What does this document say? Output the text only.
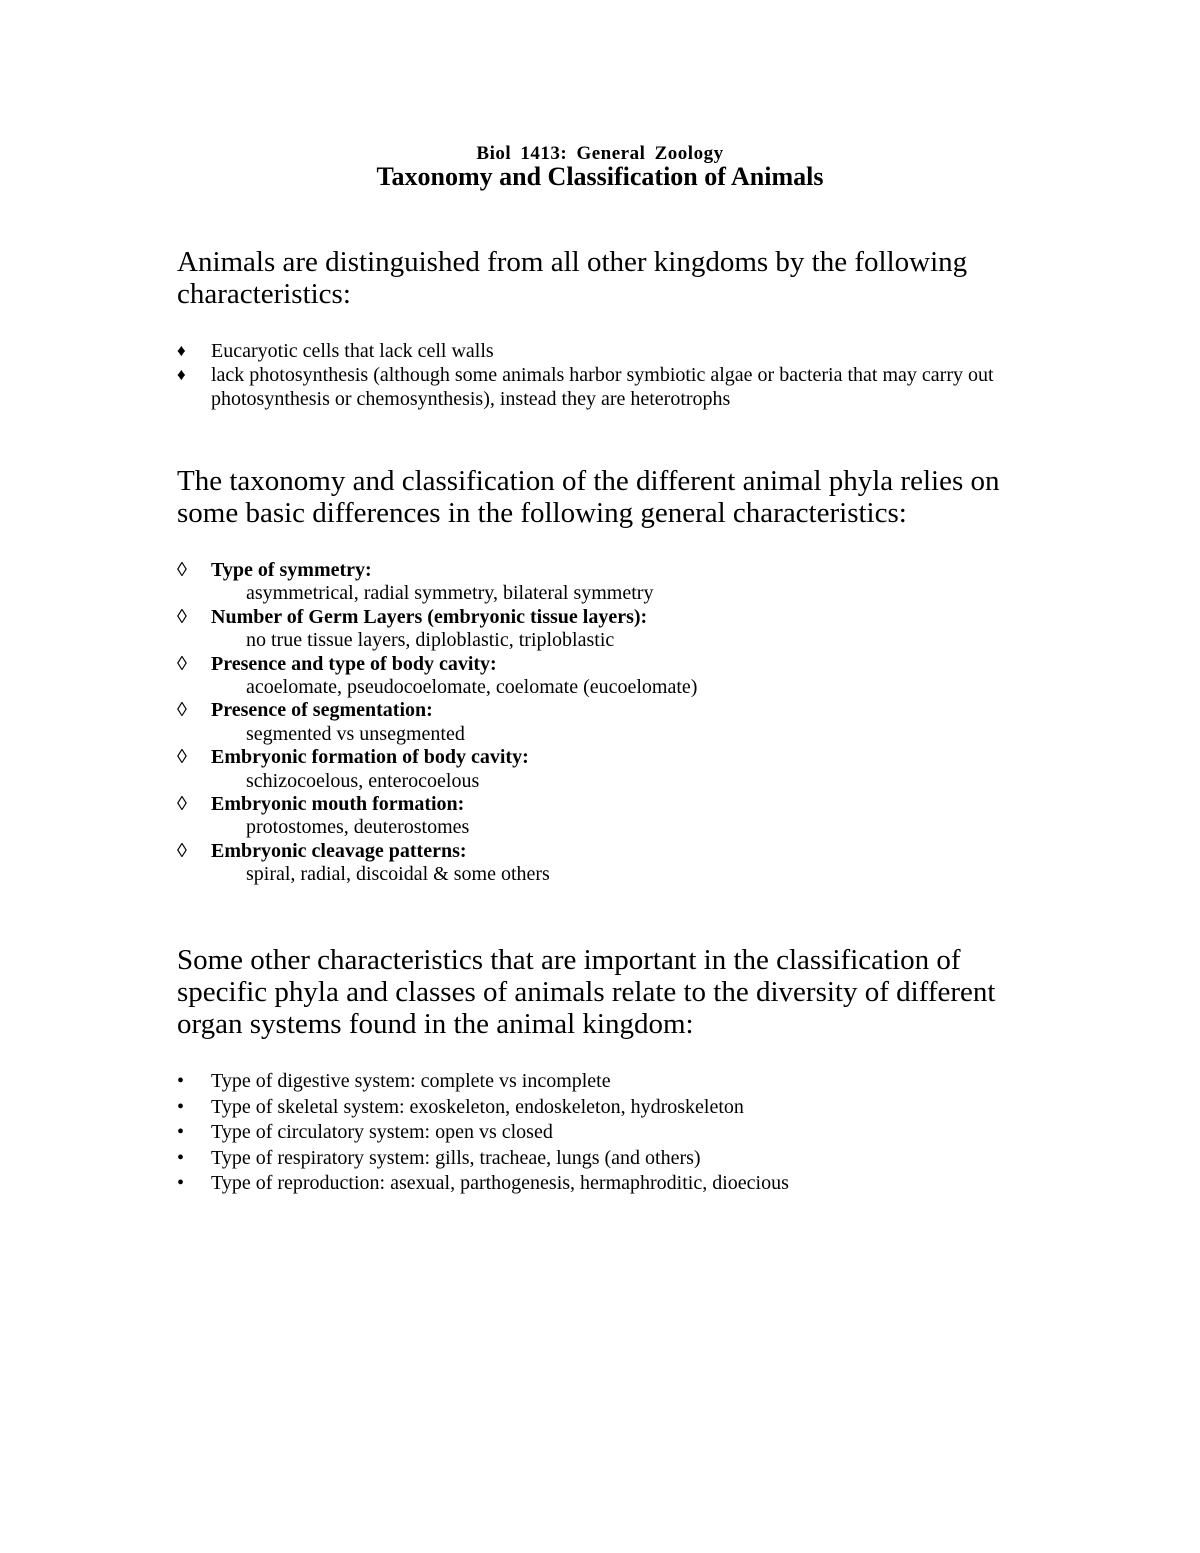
Biol 1413: General Zoology
Taxonomy and Classification of Animals

Animals are distinguished from all other kingdoms by the following characteristics:

♦	Eucaryotic cells that lack cell walls
♦	lack photosynthesis (although some animals harbor symbiotic algae or bacteria that may carry out photosynthesis or chemosynthesis), instead they are heterotrophs

The taxonomy and classification of the different animal phyla relies on some basic differences in the following general characteristics:

◊	Type of symmetry:
asymmetrical, radial symmetry, bilateral symmetry
◊	Number of Germ Layers (embryonic tissue layers):
no true tissue layers, diploblastic, triploblastic
◊	Presence and type of body cavity:
acoelomate, pseudocoelomate, coelomate (eucoelomate)
◊	Presence of segmentation:
segmented vs unsegmented
◊	Embryonic formation of body cavity:
schizocoelous, enterocoelous
◊	Embryonic mouth formation:
protostomes, deuterostomes
◊	Embryonic cleavage patterns:
spiral, radial, discoidal & some others

Some other characteristics that are important in the classification of specific phyla and classes of animals relate to the diversity of different organ systems found in the animal kingdom:

•	Type of digestive system: complete vs incomplete
•	Type of skeletal system: exoskeleton, endoskeleton, hydroskeleton
•	Type of circulatory system: open vs closed
•	Type of respiratory system: gills, tracheae, lungs (and others)
•	Type of reproduction: asexual, parthogenesis, hermaphroditic, dioecious
